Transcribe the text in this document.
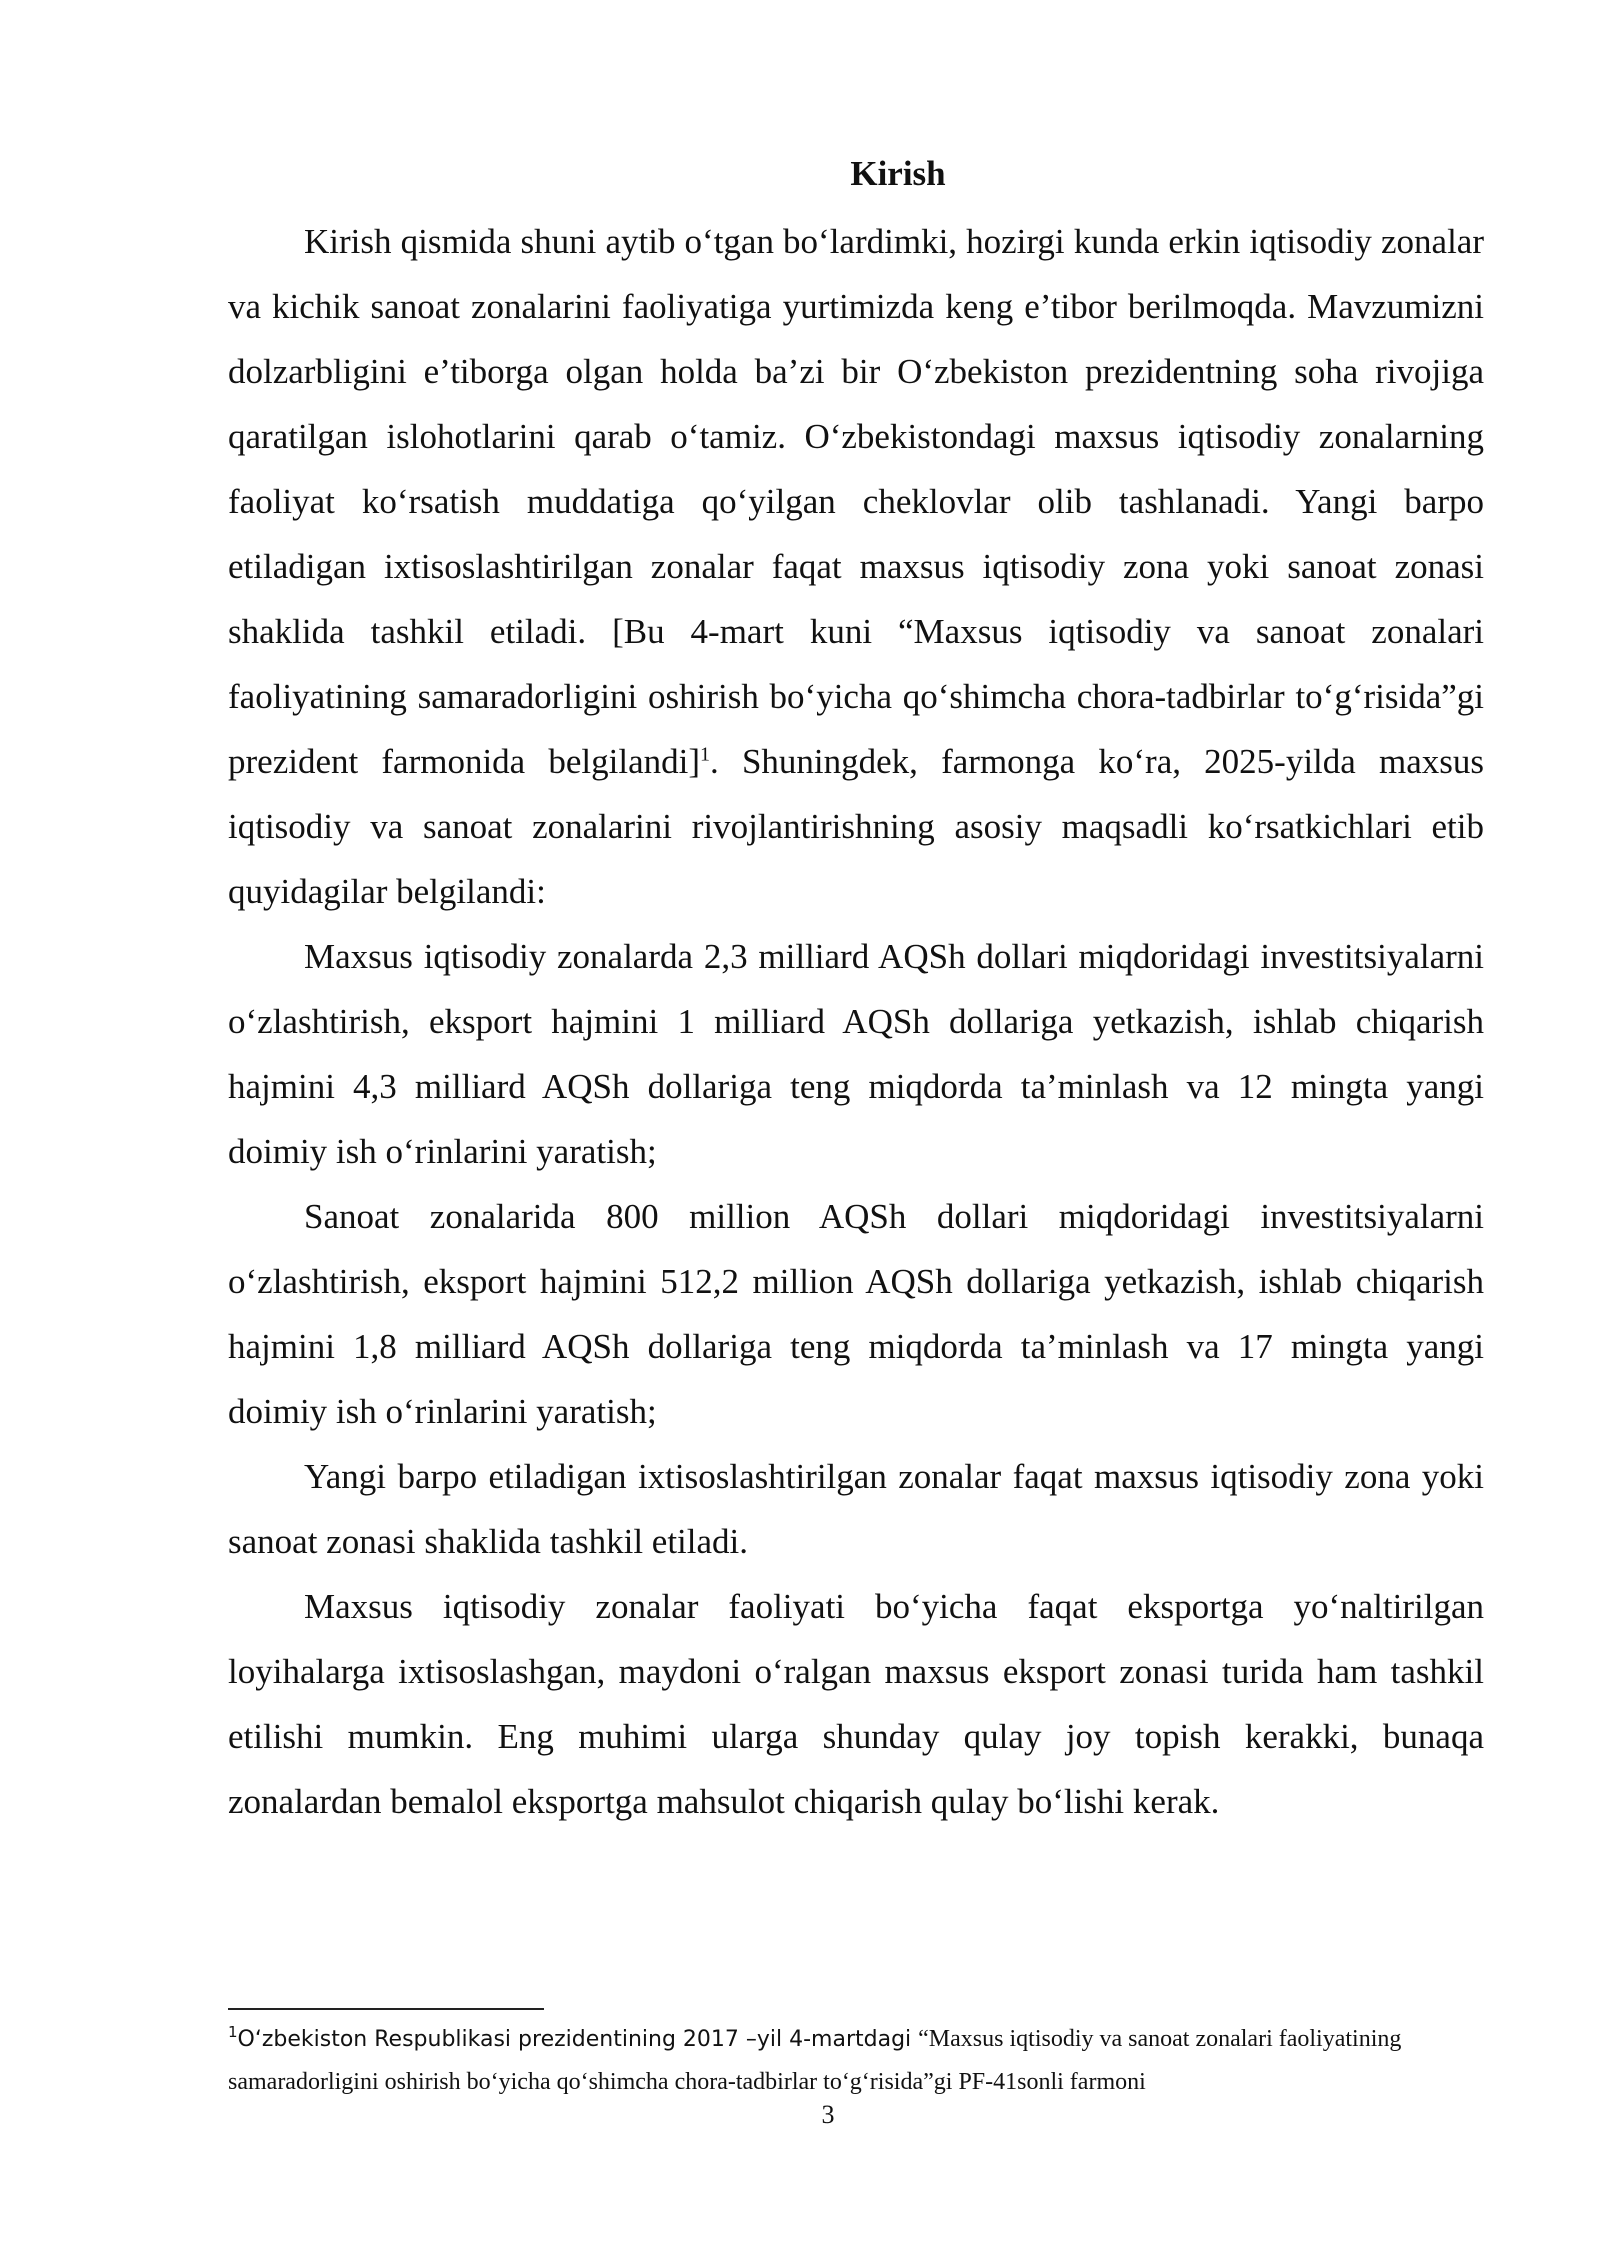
Kirish

Kirish qismida shuni aytib o‘tgan bo‘lardimki, hozirgi kunda erkin iqtisodiy zonalar va kichik sanoat zonalarini faoliyatiga yurtimizda keng e’tibor berilmoqda. Mavzumizni dolzarbligini e’tiborga olgan holda ba’zi bir O‘zbekiston prezidentning soha rivojiga qaratilgan islohotlarini qarab o‘tamiz. O‘zbekistondagi maxsus iqtisodiy zonalarning faoliyat ko‘rsatish muddatiga qo‘yilgan cheklovlar olib tashlanadi. Yangi barpo etiladigan ixtisoslashtirilgan zonalar faqat maxsus iqtisodiy zona yoki sanoat zonasi shaklida tashkil etiladi. [Bu 4-mart kuni “Maxsus iqtisodiy va sanoat zonalari faoliyatining samaradorligini oshirish bo‘yicha qo‘shimcha chora-tadbirlar to‘g‘risida”gi prezident farmonida belgilandi]$^1$. Shuningdek, farmonga ko‘ra, 2025-yilda maxsus iqtisodiy va sanoat zonalarini rivojlantirishning asosiy maqsadli ko‘rsatkichlari etib quyidagilar belgilandi:

Maxsus iqtisodiy zonalarda 2,3 milliard AQSh dollari miqdoridagi investitsiyalarni o‘zlashtirish, eksport hajmini 1 milliard AQSh dollariga yetkazish, ishlab chiqarish hajmini 4,3 milliard AQSh dollariga teng miqdorda ta’minlash va 12 mingta yangi doimiy ish o‘rinlarini yaratish;

Sanoat zonalarida 800 million AQSh dollari miqdoridagi investitsiyalarni o‘zlashtirish, eksport hajmini 512,2 million AQSh dollariga yetkazish, ishlab chiqarish hajmini 1,8 milliard AQSh dollariga teng miqdorda ta’minlash va 17 mingta yangi doimiy ish o‘rinlarini yaratish;

Yangi barpo etiladigan ixtisoslashtirilgan zonalar faqat maxsus iqtisodiy zona yoki sanoat zonasi shaklida tashkil etiladi.

Maxsus iqtisodiy zonalar faoliyati bo‘yicha faqat eksportga yo‘naltirilgan loyihalarga ixtisoslashgan, maydoni o‘ralgan maxsus eksport zonasi turida ham tashkil etilishi mumkin. Eng muhimi ularga shunday qulay joy topish kerakki, bunaqa zonalardan bemalol eksportga mahsulot chiqarish qulay bo‘lishi kerak.

$^1$O‘zbekiston Respublikasi prezidentining 2017 –yil 4-martdagi “Maxsus iqtisodiy va sanoat zonalari faoliyatining samaradorligini oshirish bo‘yicha qo‘shimcha chora-tadbirlar to‘g‘risida”gi PF-41sonli farmoni
3
